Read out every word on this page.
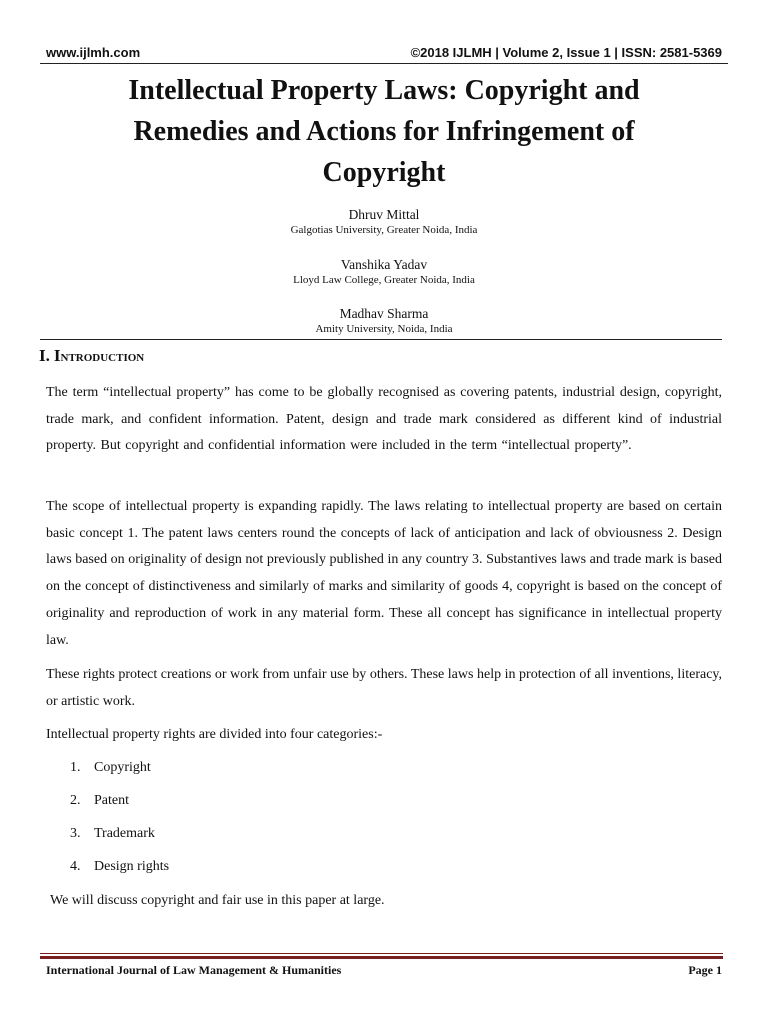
www.ijlmh.com	©2018 IJLMH | Volume 2, Issue 1 | ISSN: 2581-5369
Intellectual Property Laws: Copyright and
Remedies and Actions for Infringement of
Copyright
Dhruv Mittal
Galgotias University, Greater Noida, India
Vanshika Yadav
Lloyd Law College, Greater Noida, India
Madhav Sharma
Amity University, Noida, India
I. Introduction

The term “intellectual property” has come to be globally recognised as covering patents, industrial design, copyright, trade mark, and confident information. Patent, design and trade mark considered as different kind of industrial property. But copyright and confidential information were included in the term “intellectual property”.

The scope of intellectual property is expanding rapidly. The laws relating to intellectual property are based on certain basic concept 1. The patent laws centers round the concepts of lack of anticipation and lack of obviousness 2. Design laws based on originality of design not previously published in any country 3. Substantives laws and trade mark is based on the concept of distinctiveness and similarly of marks and similarity of goods 4, copyright is based on the concept of originality and reproduction of work in any material form. These all concept has significance in intellectual property law.

These rights protect creations or work from unfair use by others. These laws help in protection of all inventions, literacy, or artistic work.

Intellectual property rights are divided into four categories:-

1. Copyright
2. Patent
3. Trademark
4. Design rights

We will discuss copyright and fair use in this paper at large.

International Journal of Law Management & Humanities	Page 1
